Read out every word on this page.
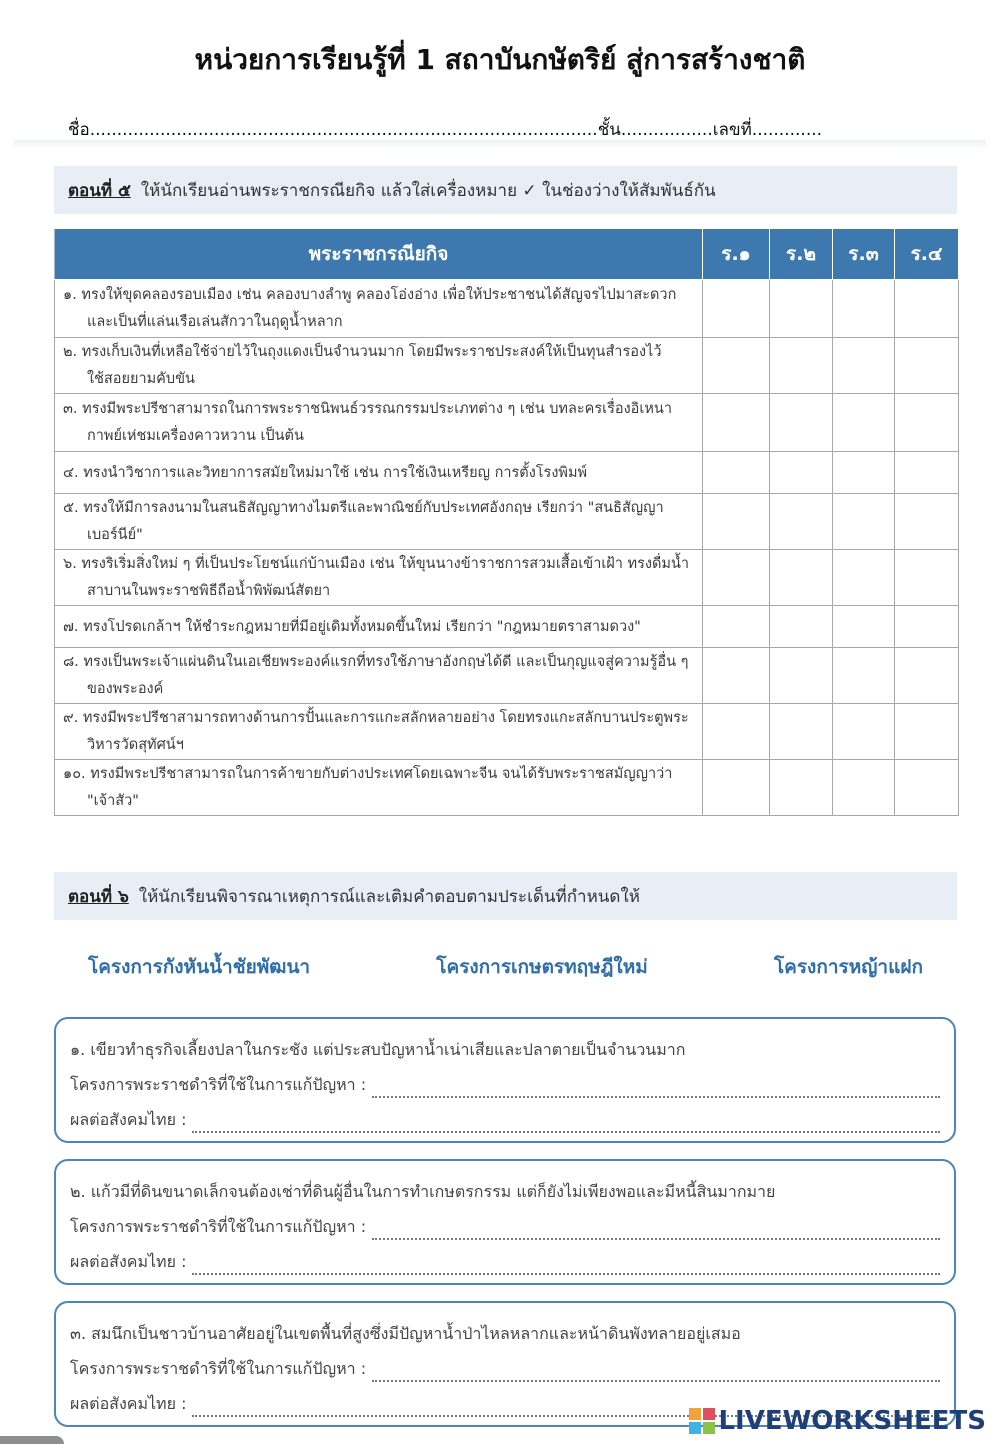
หน่วยการเรียนรู้ที่ 1 สถาบันกษัตริย์ สู่การสร้างชาติ
ชื่อ..............................................................................................ชั้น.................เลขที่.............
ตอนที่ ๕ ให้นักเรียนอ่านพระราชกรณียกิจ แล้วใส่เครื่องหมาย ✓ ในช่องว่างให้สัมพันธ์กัน
พระราชกรณียกิจ	ร.๑	ร.๒	ร.๓	ร.๔

๑. ทรงให้ขุดคลองรอบเมือง เช่น คลองบางลำพู คลองโอ่งอ่าง เพื่อให้ประชาชนได้สัญจรไปมาสะดวก และเป็นที่แล่นเรือเล่นสักวาในฤดูน้ำหลาก				

๒. ทรงเก็บเงินที่เหลือใช้จ่ายไว้ในถุงแดงเป็นจำนวนมาก โดยมีพระราชประสงค์ให้เป็นทุนสำรองไว้ใช้สอยยามคับขัน				

๓. ทรงมีพระปรีชาสามารถในการพระราชนิพนธ์วรรณกรรมประเภทต่าง ๆ เช่น บทละครเรื่องอิเหนา กาพย์เห่ชมเครื่องคาวหวาน เป็นต้น				

๔. ทรงนำวิชาการและวิทยาการสมัยใหม่มาใช้ เช่น การใช้เงินเหรียญ การตั้งโรงพิมพ์				

๕. ทรงให้มีการลงนามในสนธิสัญญาทางไมตรีและพาณิชย์กับประเทศอังกฤษ เรียกว่า "สนธิสัญญาเบอร์นีย์"				

๖. ทรงริเริ่มสิ่งใหม่ ๆ ที่เป็นประโยชน์แก่บ้านเมือง เช่น ให้ขุนนางข้าราชการสวมเสื้อเข้าเฝ้า ทรงดื่มน้ำสาบานในพระราชพิธีถือน้ำพิพัฒน์สัตยา				

๗. ทรงโปรดเกล้าฯ ให้ชำระกฎหมายที่มีอยู่เดิมทั้งหมดขึ้นใหม่ เรียกว่า "กฎหมายตราสามดวง"				

๘. ทรงเป็นพระเจ้าแผ่นดินในเอเชียพระองค์แรกที่ทรงใช้ภาษาอังกฤษได้ดี และเป็นกุญแจสู่ความรู้อื่น ๆ ของพระองค์				

๙. ทรงมีพระปรีชาสามารถทางด้านการปั้นและการแกะสลักหลายอย่าง โดยทรงแกะสลักบานประตูพระวิหารวัดสุทัศน์ฯ				

๑๐. ทรงมีพระปรีชาสามารถในการค้าขายกับต่างประเทศโดยเฉพาะจีน จนได้รับพระราชสมัญญาว่า "เจ้าสัว"				

ตอนที่ ๖ ให้นักเรียนพิจารณาเหตุการณ์และเติมคำตอบตามประเด็นที่กำหนดให้
โครงการกังหันน้ำชัยพัฒนา	โครงการเกษตรทฤษฎีใหม่	โครงการหญ้าแฝก
๑. เขียวทำธุรกิจเลี้ยงปลาในกระชัง แต่ประสบปัญหาน้ำเน่าเสียและปลาตายเป็นจำนวนมาก
โครงการพระราชดำริที่ใช้ในการแก้ปัญหา :
ผลต่อสังคมไทย :
๒. แก้วมีที่ดินขนาดเล็กจนต้องเช่าที่ดินผู้อื่นในการทำเกษตรกรรม แต่ก็ยังไม่เพียงพอและมีหนี้สินมากมาย
โครงการพระราชดำริที่ใช้ในการแก้ปัญหา :
ผลต่อสังคมไทย :
๓. สมนึกเป็นชาวบ้านอาศัยอยู่ในเขตพื้นที่สูงซึ่งมีปัญหาน้ำป่าไหลหลากและหน้าดินพังทลายอยู่เสมอ
โครงการพระราชดำริที่ใช้ในการแก้ปัญหา :
ผลต่อสังคมไทย :
LIVEWORKSHEETS
